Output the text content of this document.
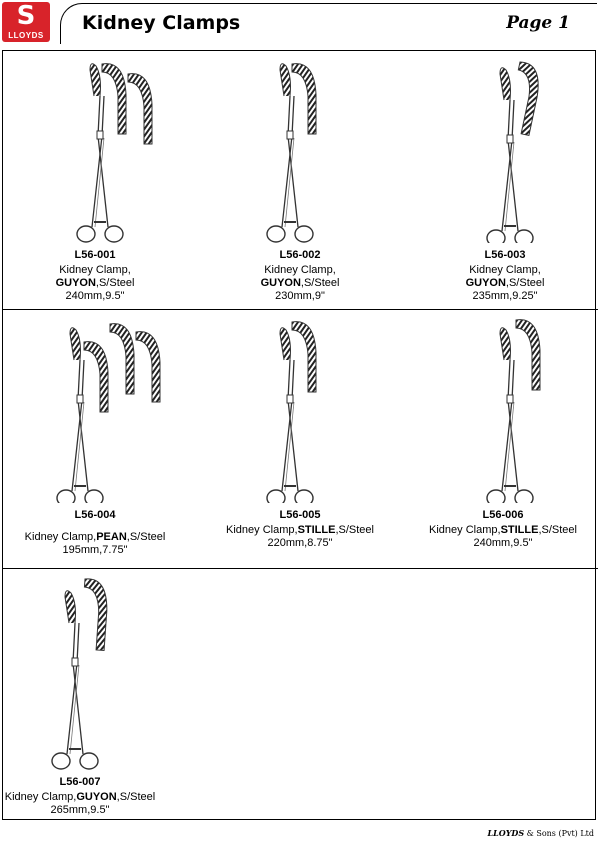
S
LLOYDS
Kidney Clamps	Page 1
L56-001
Kidney Clamp,
GUYON,S/Steel
240mm,9.5"
L56-002
Kidney Clamp,
GUYON,S/Steel
230mm,9"
L56-003
Kidney Clamp,
GUYON,S/Steel
235mm,9.25"
L56-004
Kidney Clamp,PEAN,S/Steel
195mm,7.75"
L56-005
Kidney Clamp,STILLE,S/Steel
220mm,8.75"
L56-006
Kidney Clamp,STILLE,S/Steel
240mm,9.5"
L56-007
Kidney Clamp,GUYON,S/Steel
265mm,9.5"
LLOYDS & Sons (Pvt) Ltd
